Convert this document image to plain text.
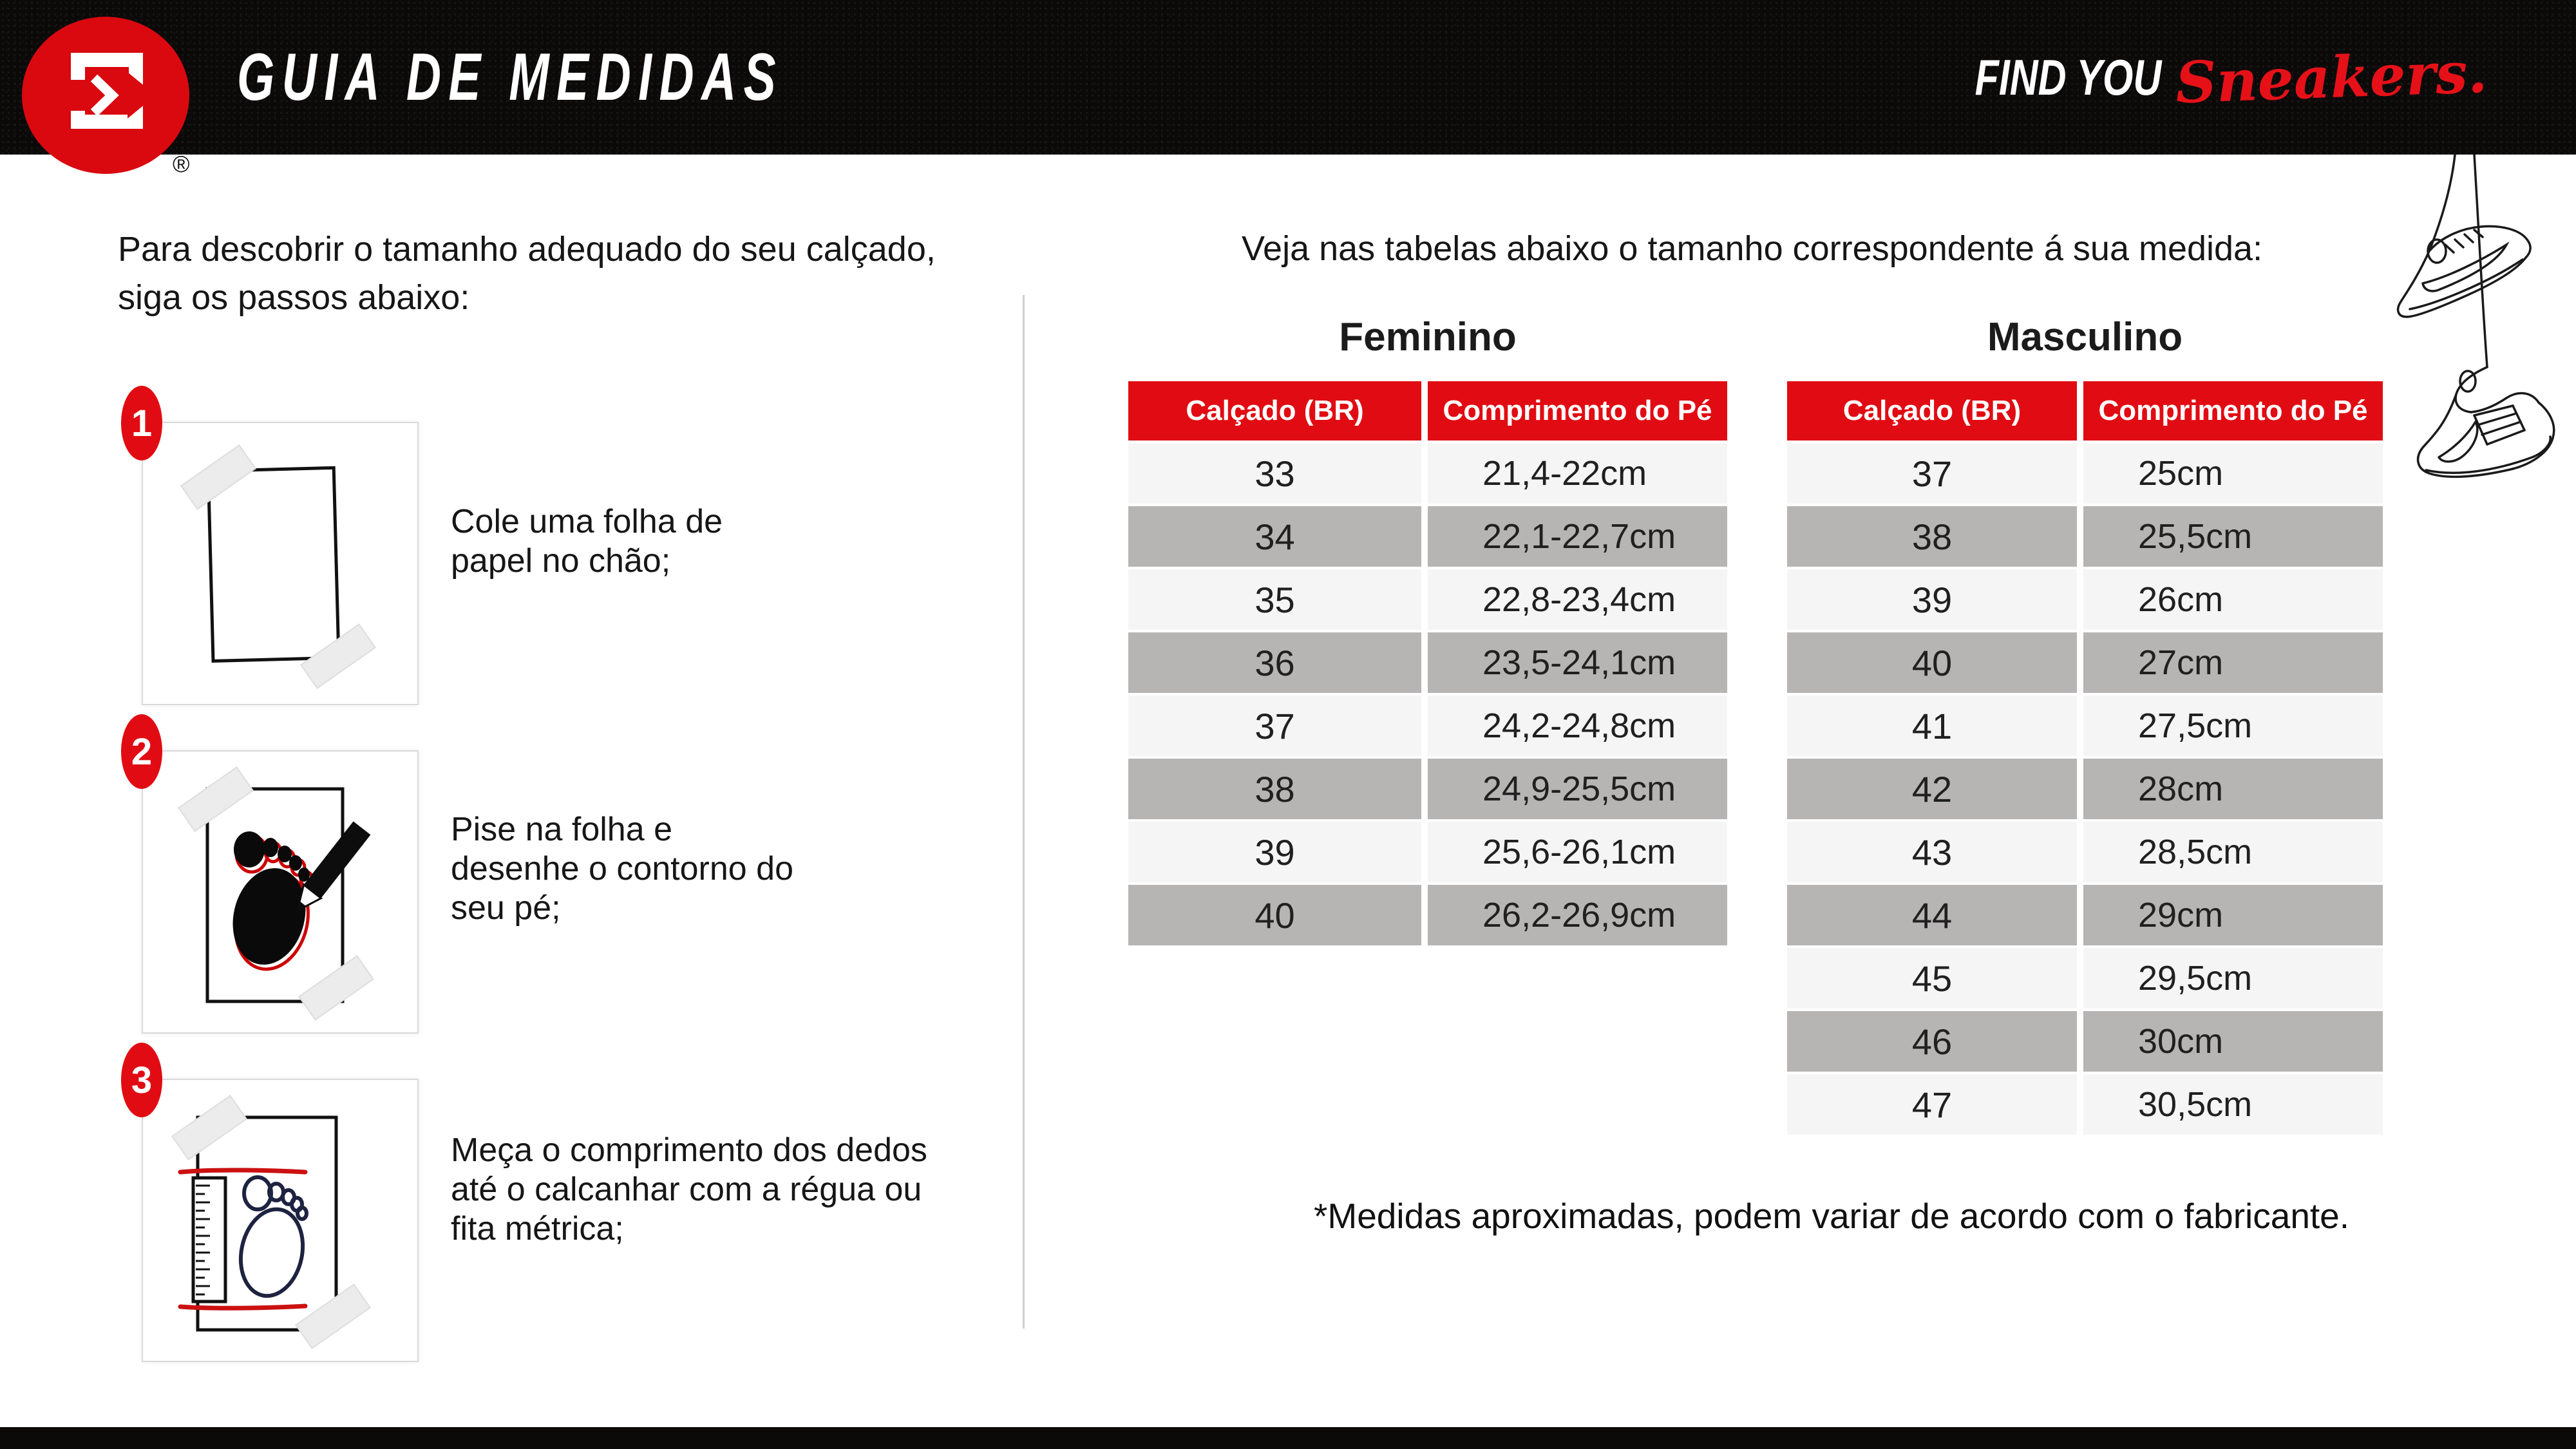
GUIA DE MEDIDAS	FIND YOU Sneakers.
®

Para descobrir o tamanho adequado do seu calçado,
siga os passos abaixo:

1

Cole uma folha de
papel no chão;

2

Pise na folha e
desenhe o contorno do
seu pé;

3

Meça o comprimento dos dedos
até o calcanhar com a régua ou
fita métrica;

Veja nas tabelas abaixo o tamanho correspondente á sua medida:

Feminino	Masculino
Calçado (BR)	Comprimento do Pé
33	21,4-22cm
34	22,1-22,7cm
35	22,8-23,4cm
36	23,5-24,1cm
37	24,2-24,8cm
38	24,9-25,5cm
39	25,6-26,1cm
40	26,2-26,9cm
Calçado (BR)	Comprimento do Pé
37	25cm
38	25,5cm
39	26cm
40	27cm
41	27,5cm
42	28cm
43	28,5cm
44	29cm
45	29,5cm
46	30cm
47	30,5cm

*Medidas aproximadas, podem variar de acordo com o fabricante.
